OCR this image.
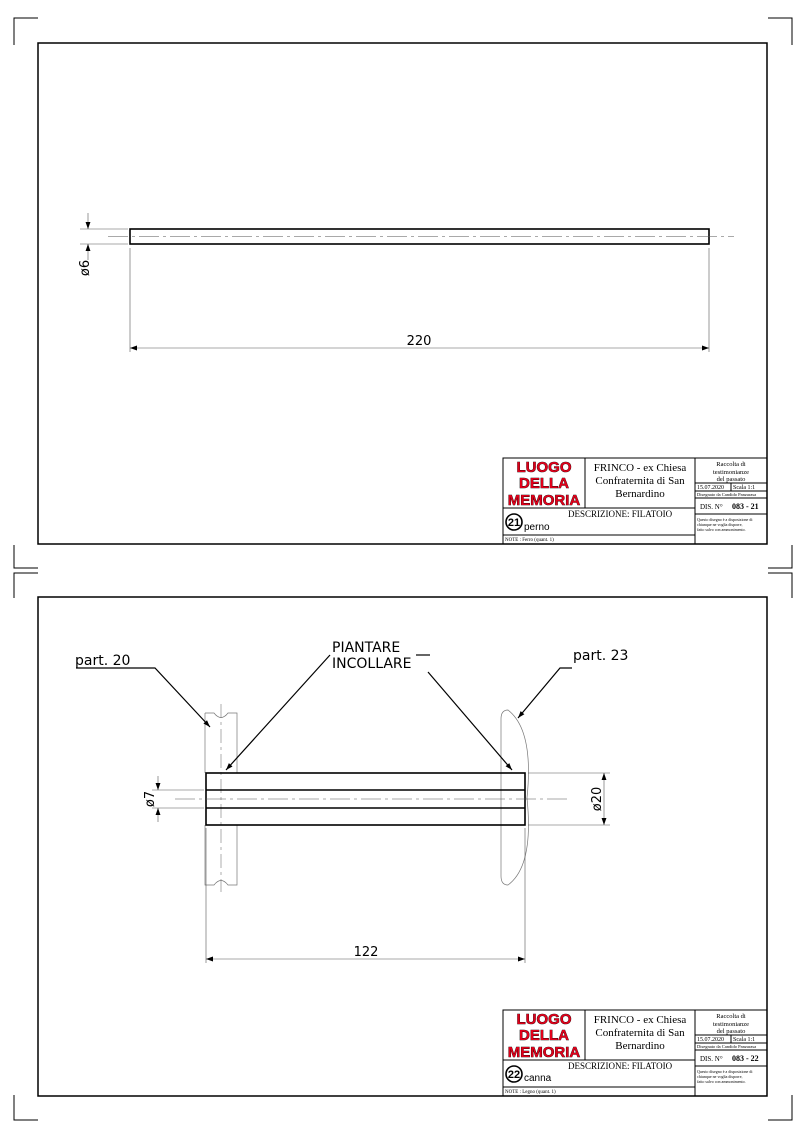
ø6
220
LUOGO
DELLA
MEMORIA
FRINCO - ex Chiesa
Confraternita di San
Bernardino
Raccolta di
testimonianze
del passato
15.07.2020 Scala 1:1
Disegnato da Candido Panzarasa
DIS. N° 083 - 21
Questo disegno è a disposizione di
chiunque ne voglia disporre,
fatto salvo con ammonimento.
DESCRIZIONE: FILATOIO
21 perno
NOTE : Ferro (quant. 1)
ø7	ø20
122
part. 20	part. 23
PIANTARE
INCOLLARE
LUOGO
DELLA
MEMORIA
FRINCO - ex Chiesa
Confraternita di San
Bernardino
Raccolta di
testimonianze
del passato
15.07.2020 Scala 1:1
Disegnato da Candido Panzarasa
DIS. N° 083 - 22
Questo disegno è a disposizione di
chiunque ne voglia disporre,
fatto salvo con ammonimento.
DESCRIZIONE: FILATOIO
22 canna
NOTE : Legno (quant. 1)
